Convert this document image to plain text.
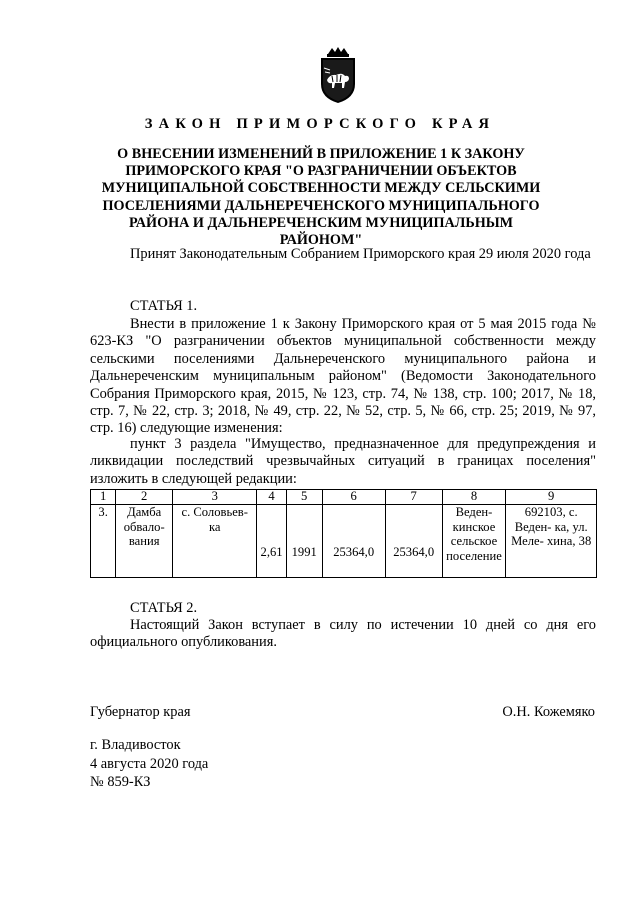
ЗАКОН ПРИМОРСКОГО КРАЯ
О ВНЕСЕНИИ ИЗМЕНЕНИЙ В ПРИЛОЖЕНИЕ 1 К ЗАКОНУ
ПРИМОРСКОГО КРАЯ "О РАЗГРАНИЧЕНИИ ОБЪЕКТОВ
МУНИЦИПАЛЬНОЙ СОБСТВЕННОСТИ МЕЖДУ СЕЛЬСКИМИ
ПОСЕЛЕНИЯМИ ДАЛЬНЕРЕЧЕНСКОГО МУНИЦИПАЛЬНОГО
РАЙОНА И ДАЛЬНЕРЕЧЕНСКИМ МУНИЦИПАЛЬНЫМ РАЙОНОМ"
Принят Законодательным Собранием Приморского края 29 июля 2020 года
СТАТЬЯ 1.
Внести в приложение 1 к Закону Приморского края от 5 мая 2015 года № 623-КЗ "О разграничении объектов муниципальной собственности между сельскими поселениями Дальнереченского муниципального района и Дальнереченским муниципальным районом" (Ведомости Законодательного Собрания Приморского края, 2015, № 123, стр. 74, № 138, стр. 100; 2017, № 18, стр. 7, № 22, стр. 3; 2018, № 49, стр. 22, № 52, стр. 5, № 66, стр. 25; 2019, № 97, стр. 16) следующие изменения:
пункт 3 раздела "Имущество, предназначенное для предупреждения и ликвидации последствий чрезвычайных ситуаций в границах поселения" изложить в следующей редакции:
1	2	3	4	5	6	7	8	9
3.	Дамба обвало- вания	с. Соловьев- ка	2,61	1991	25364,0	25364,0	Веден- кинское сельское поселение	692103, с. Веден- ка, ул. Меле- хина, 38
СТАТЬЯ 2.
Настоящий Закон вступает в силу по истечении 10 дней со дня его официального опубликования.
Губернатор края	О.Н. Кожемяко
г. Владивосток
4 августа 2020 года
№ 859-КЗ
